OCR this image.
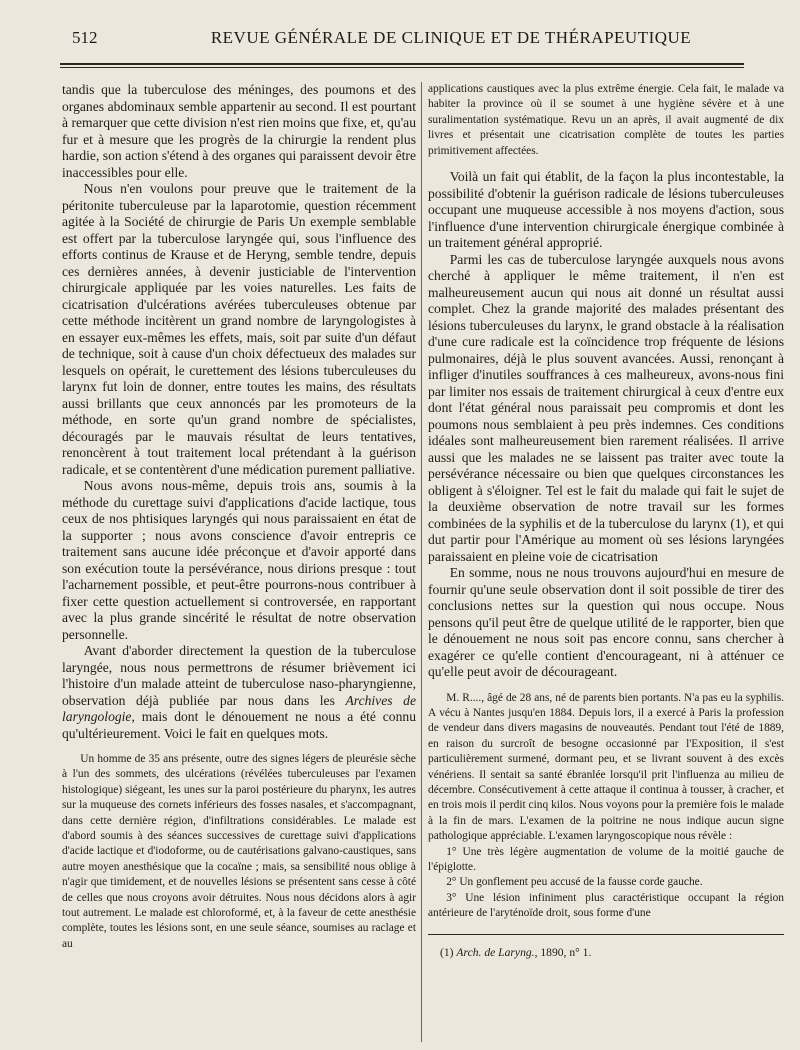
512	REVUE GÉNÉRALE DE CLINIQUE ET DE THÉRAPEUTIQUE

tandis que la tuberculose des méninges, des poumons et des organes abdominaux semble appartenir au second. Il est pourtant à remarquer que cette division n'est rien moins que fixe, et, qu'au fur et à mesure que les progrès de la chirurgie la rendent plus hardie, son action s'étend à des organes qui paraissent devoir être inaccessibles pour elle.

Nous n'en voulons pour preuve que le traitement de la péritonite tuberculeuse par la laparotomie, question récemment agitée à la Société de chirurgie de Paris Un exemple semblable est offert par la tuberculose laryngée qui, sous l'influence des efforts continus de Krause et de Heryng, semble tendre, depuis ces dernières années, à devenir justiciable de l'intervention chirurgicale appliquée par les voies naturelles. Les faits de cicatrisation d'ulcérations avérées tuberculeuses obtenue par cette méthode incitèrent un grand nombre de laryngologistes à en essayer eux-mêmes les effets, mais, soit par suite d'un défaut de technique, soit à cause d'un choix défectueux des malades sur lesquels on opérait, le curettement des lésions tuberculeuses du larynx fut loin de donner, entre toutes les mains, des résultats aussi brillants que ceux annoncés par les promoteurs de la méthode, en sorte qu'un grand nombre de spécialistes, découragés par le mauvais résultat de leurs tentatives, renoncèrent à tout traitement local prétendant à la guérison radicale, et se contentèrent d'une médication purement palliative.

Nous avons nous-même, depuis trois ans, soumis à la méthode du curettage suivi d'applications d'acide lactique, tous ceux de nos phtisiques laryngés qui nous paraissaient en état de la supporter ; nous avons conscience d'avoir entrepris ce traitement sans aucune idée préconçue et d'avoir apporté dans son exécution toute la persévérance, nous dirions presque : tout l'acharnement possible, et peut-être pourrons-nous contribuer à fixer cette question actuellement si controversée, en rapportant avec la plus grande sincérité le résultat de notre observation personnelle.

Avant d'aborder directement la question de la tuberculose laryngée, nous nous permettrons de résumer brièvement ici l'histoire d'un malade atteint de tuberculose naso-pharyngienne, observation déjà publiée par nous dans les Archives de laryngologie, mais dont le dénouement ne nous a été connu qu'ultérieurement. Voici le fait en quelques mots.

Un homme de 35 ans présente, outre des signes légers de pleurésie sèche à l'un des sommets, des ulcérations (révélées tuberculeuses par l'examen histologique) siégeant, les unes sur la paroi postérieure du pharynx, les autres sur la muqueuse des cornets inférieurs des fosses nasales, et s'accompagnant, dans cette dernière région, d'infiltrations considérables. Le malade est d'abord soumis à des séances successives de curettage suivi d'applications d'acide lactique et d'iodoforme, ou de cautérisations galvano-caustiques, sans autre moyen anesthésique que la cocaïne ; mais, sa sensibilité nous oblige à n'agir que timidement, et de nouvelles lésions se présentent sans cesse à côté de celles que nous croyons avoir détruites. Nous nous décidons alors à agir tout autrement. Le malade est chloroformé, et, à la faveur de cette anesthésie complète, toutes les lésions sont, en une seule séance, soumises au raclage et au

applications caustiques avec la plus extrême énergie. Cela fait, le malade va habiter la province où il se soumet à une hygiène sévère et à une suralimentation systématique. Revu un an après, il avait augmenté de dix livres et présentait une cicatrisation complète de toutes les parties primitivement affectées.

Voilà un fait qui établit, de la façon la plus incontestable, la possibilité d'obtenir la guérison radicale de lésions tuberculeuses occupant une muqueuse accessible à nos moyens d'action, sous l'influence d'une intervention chirurgicale énergique combinée à un traitement général approprié.

Parmi les cas de tuberculose laryngée auxquels nous avons cherché à appliquer le même traitement, il n'en est malheureusement aucun qui nous ait donné un résultat aussi complet. Chez la grande majorité des malades présentant des lésions tuberculeuses du larynx, le grand obstacle à la réalisation d'une cure radicale est la coïncidence trop fréquente de lésions pulmonaires, déjà le plus souvent avancées. Aussi, renonçant à infliger d'inutiles souffrances à ces malheureux, avons-nous fini par limiter nos essais de traitement chirurgical à ceux d'entre eux dont l'état général nous paraissait peu compromis et dont les poumons nous semblaient à peu près indemnes. Ces conditions idéales sont malheureusement bien rarement réalisées. Il arrive aussi que les malades ne se laissent pas traiter avec toute la persévérance nécessaire ou bien que quelques circonstances les obligent à s'éloigner. Tel est le fait du malade qui fait le sujet de la deuxième observation de notre travail sur les formes combinées de la syphilis et de la tuberculose du larynx (1), et qui dut partir pour l'Amérique au moment où ses lésions laryngées paraissaient en pleine voie de cicatrisation

En somme, nous ne nous trouvons aujourd'hui en mesure de fournir qu'une seule observation dont il soit possible de tirer des conclusions nettes sur la question qui nous occupe. Nous pensons qu'il peut être de quelque utilité de le rapporter, bien que le dénouement ne nous soit pas encore connu, sans chercher à exagérer ce qu'elle contient d'encourageant, ni à atténuer ce qu'elle peut avoir de décourageant.

M. R...., âgé de 28 ans, né de parents bien portants. N'a pas eu la syphilis. A vécu à Nantes jusqu'en 1884. Depuis lors, il a exercé à Paris la profession de vendeur dans divers magasins de nouveautés. Pendant tout l'été de 1889, en raison du surcroît de besogne occasionné par l'Exposition, il s'est particulièrement surmené, dormant peu, et se livrant souvent à des excès vénériens. Il sentait sa santé ébranlée lorsqu'il prit l'influenza au milieu de décembre. Consécutivement à cette attaque il continua à tousser, à cracher, et en trois mois il perdit cinq kilos. Nous voyons pour la première fois le malade à la fin de mars. L'examen de la poitrine ne nous indique aucun signe pathologique appréciable. L'examen laryngoscopique nous révèle :

1° Une très légère augmentation de volume de la moitié gauche de l'épiglotte.

2° Un gonflement peu accusé de la fausse corde gauche.

3° Une lésion infiniment plus caractéristique occupant la région antérieure de l'aryténoïde droit, sous forme d'une

(1) Arch. de Laryng., 1890, n° 1.
